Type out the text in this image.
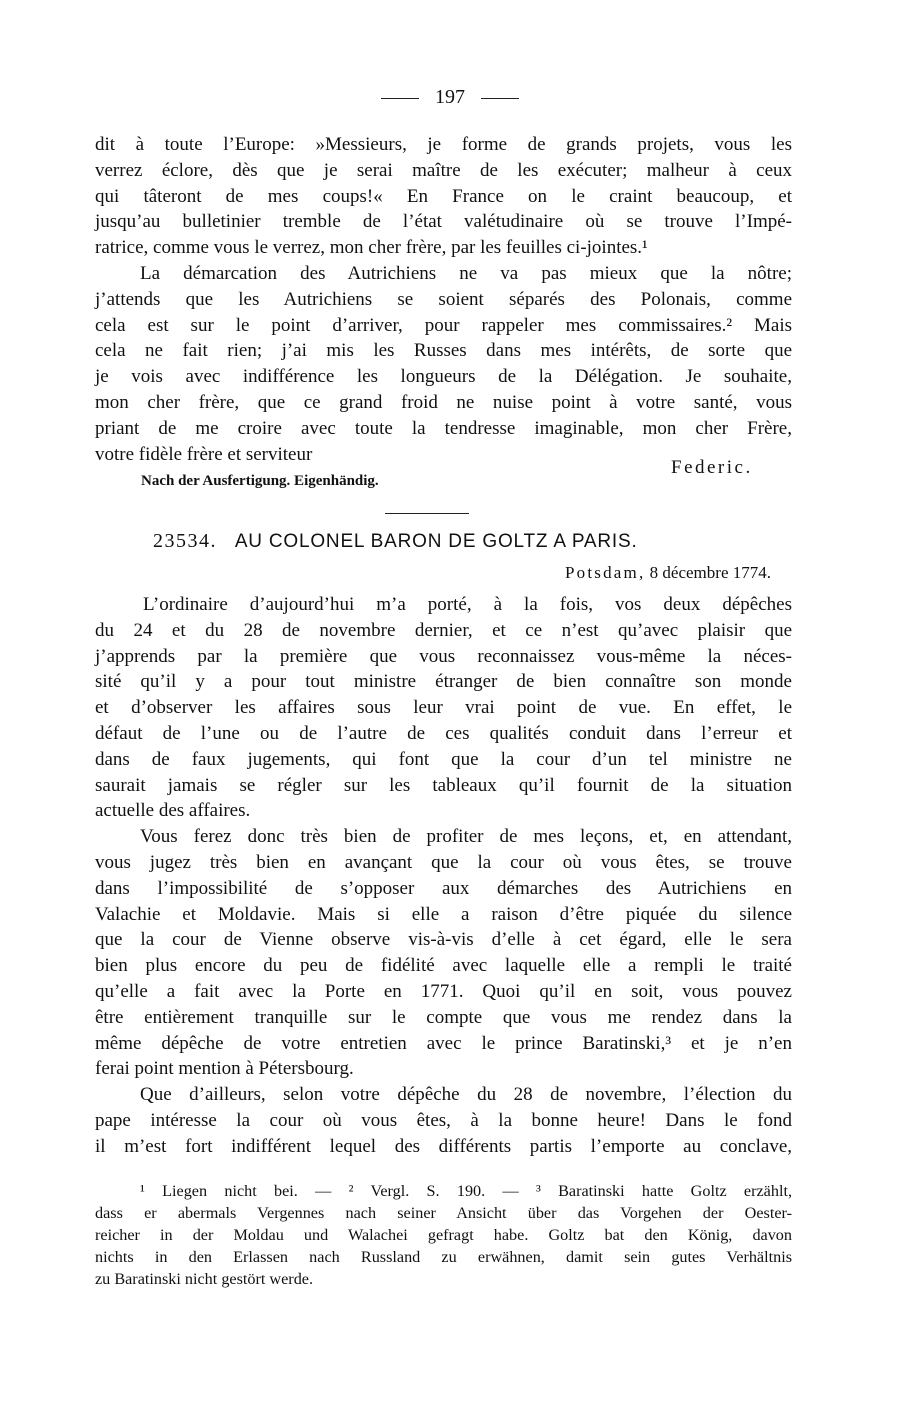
197
dit à toute l’Europe: »Messieurs, je forme de grands projets, vous les
verrez éclore, dès que je serai maître de les exécuter; malheur à ceux
qui tâteront de mes coups!« En France on le craint beaucoup, et
jusqu’au bulletinier tremble de l’état valétudinaire où se trouve l’Impé-
ratrice, comme vous le verrez, mon cher frère, par les feuilles ci-jointes.¹
La démarcation des Autrichiens ne va pas mieux que la nôtre;
j’attends que les Autrichiens se soient séparés des Polonais, comme
cela est sur le point d’arriver, pour rappeler mes commissaires.² Mais
cela ne fait rien; j’ai mis les Russes dans mes intérêts, de sorte que
je vois avec indifférence les longueurs de la Délégation. Je souhaite,
mon cher frère, que ce grand froid ne nuise point à votre santé, vous
priant de me croire avec toute la tendresse imaginable, mon cher Frère,
votre fidèle frère et serviteur
Federic.
Nach der Ausfertigung. Eigenhändig.
23534. AU COLONEL BARON DE GOLTZ A PARIS.
Potsdam, 8 décembre 1774.
L’ordinaire d’aujourd’hui m’a porté, à la fois, vos deux dépêches
du 24 et du 28 de novembre dernier, et ce n’est qu’avec plaisir que
j’apprends par la première que vous reconnaissez vous-même la néces-
sité qu’il y a pour tout ministre étranger de bien connaître son monde
et d’observer les affaires sous leur vrai point de vue. En effet, le
défaut de l’une ou de l’autre de ces qualités conduit dans l’erreur et
dans de faux jugements, qui font que la cour d’un tel ministre ne
saurait jamais se régler sur les tableaux qu’il fournit de la situation
actuelle des affaires.
Vous ferez donc très bien de profiter de mes leçons, et, en attendant,
vous jugez très bien en avançant que la cour où vous êtes, se trouve
dans l’impossibilité de s’opposer aux démarches des Autrichiens en
Valachie et Moldavie. Mais si elle a raison d’être piquée du silence
que la cour de Vienne observe vis-à-vis d’elle à cet égard, elle le sera
bien plus encore du peu de fidélité avec laquelle elle a rempli le traité
qu’elle a fait avec la Porte en 1771. Quoi qu’il en soit, vous pouvez
être entièrement tranquille sur le compte que vous me rendez dans la
même dépêche de votre entretien avec le prince Baratinski,³ et je n’en
ferai point mention à Pétersbourg.
Que d’ailleurs, selon votre dépêche du 28 de novembre, l’élection du
pape intéresse la cour où vous êtes, à la bonne heure! Dans le fond
il m’est fort indifférent lequel des différents partis l’emporte au conclave,
¹ Liegen nicht bei. — ² Vergl. S. 190. — ³ Baratinski hatte Goltz erzählt,
dass er abermals Vergennes nach seiner Ansicht über das Vorgehen der Oester-
reicher in der Moldau und Walachei gefragt habe. Goltz bat den König, davon
nichts in den Erlassen nach Russland zu erwähnen, damit sein gutes Verhältnis
zu Baratinski nicht gestört werde.
